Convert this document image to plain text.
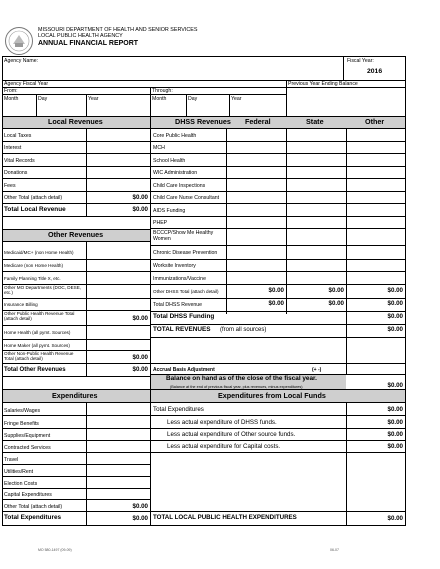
MISSOURI DEPARTMENT OF HEALTH AND SENIOR SERVICES
LOCAL PUBLIC HEALTH AGENCY
ANNUAL FINANCIAL REPORT
Agency Name:	Fiscal Year:
2016
Agency Fiscal Year	Previous Year Ending Balance
From:	Through:
Month	Day	Year	Month	Day	Year
Local Revenues	DHSS Revenues Federal	State	Other
Local Taxes
Interest
Vital Records
Donations
Fees
Other Total (attach detail)	$0.00
Total Local Revenue	$0.00
Other Revenues
Medicaid/MC+ (non Home Health)
Medicare (non Home Health)
Family Planning Title X, etc.
Other MO Departments (DOC, DESE, etc.)
Insurance Billing
Other Public Health Revenue Total (attach detail)	$0.00
Home Health (all pymt. Sources)
Home Maker (all pymt. Sources)
Other Non-Public Health Revenue Total (attach detail)	$0.00
Total Other Revenues	$0.00
Core Public Health
MCH
School Health
WIC Administration
Child Care Inspections
Child Care Nurse Consultant
AIDS Funding
PHEP
BCCCP/Show Me Healthy Women
Chronic Disease Prevention
Worksite Inventory
Immunizations/Vaccine
Other DHSS Total (attach detail)	$0.00	$0.00	$0.00
Total DHSS Revenue	$0.00	$0.00	$0.00
Total DHSS Funding	$0.00
TOTAL REVENUES (from all sources)	$0.00
Accrual Basis Adjustment	(+ -)
Balance on hand as of the close of the fiscal year.
(Balance at the end of previous fiscal year, plus revenues, minus expenditures)	$0.00
Expenditures	Expenditures from Local Funds
Salaries/Wages
Fringe Benefits
Supplies/Equipment
Contracted Services
Travel
Utilities/Rent
Election Costs
Capital Expenditures
Other Total (attach detail)	$0.00
Total Expenditures	$0.00
Total Expenditures	$0.00
Less actual expenditure of DHSS funds.	$0.00
Less actual expenditure of Other source funds.	$0.00
Less actual expenditure for Capital costs.	$0.00
TOTAL LOCAL PUBLIC HEALTH EXPENDITURES	$0.00
MO 580-1497 (09-09)	06-07
